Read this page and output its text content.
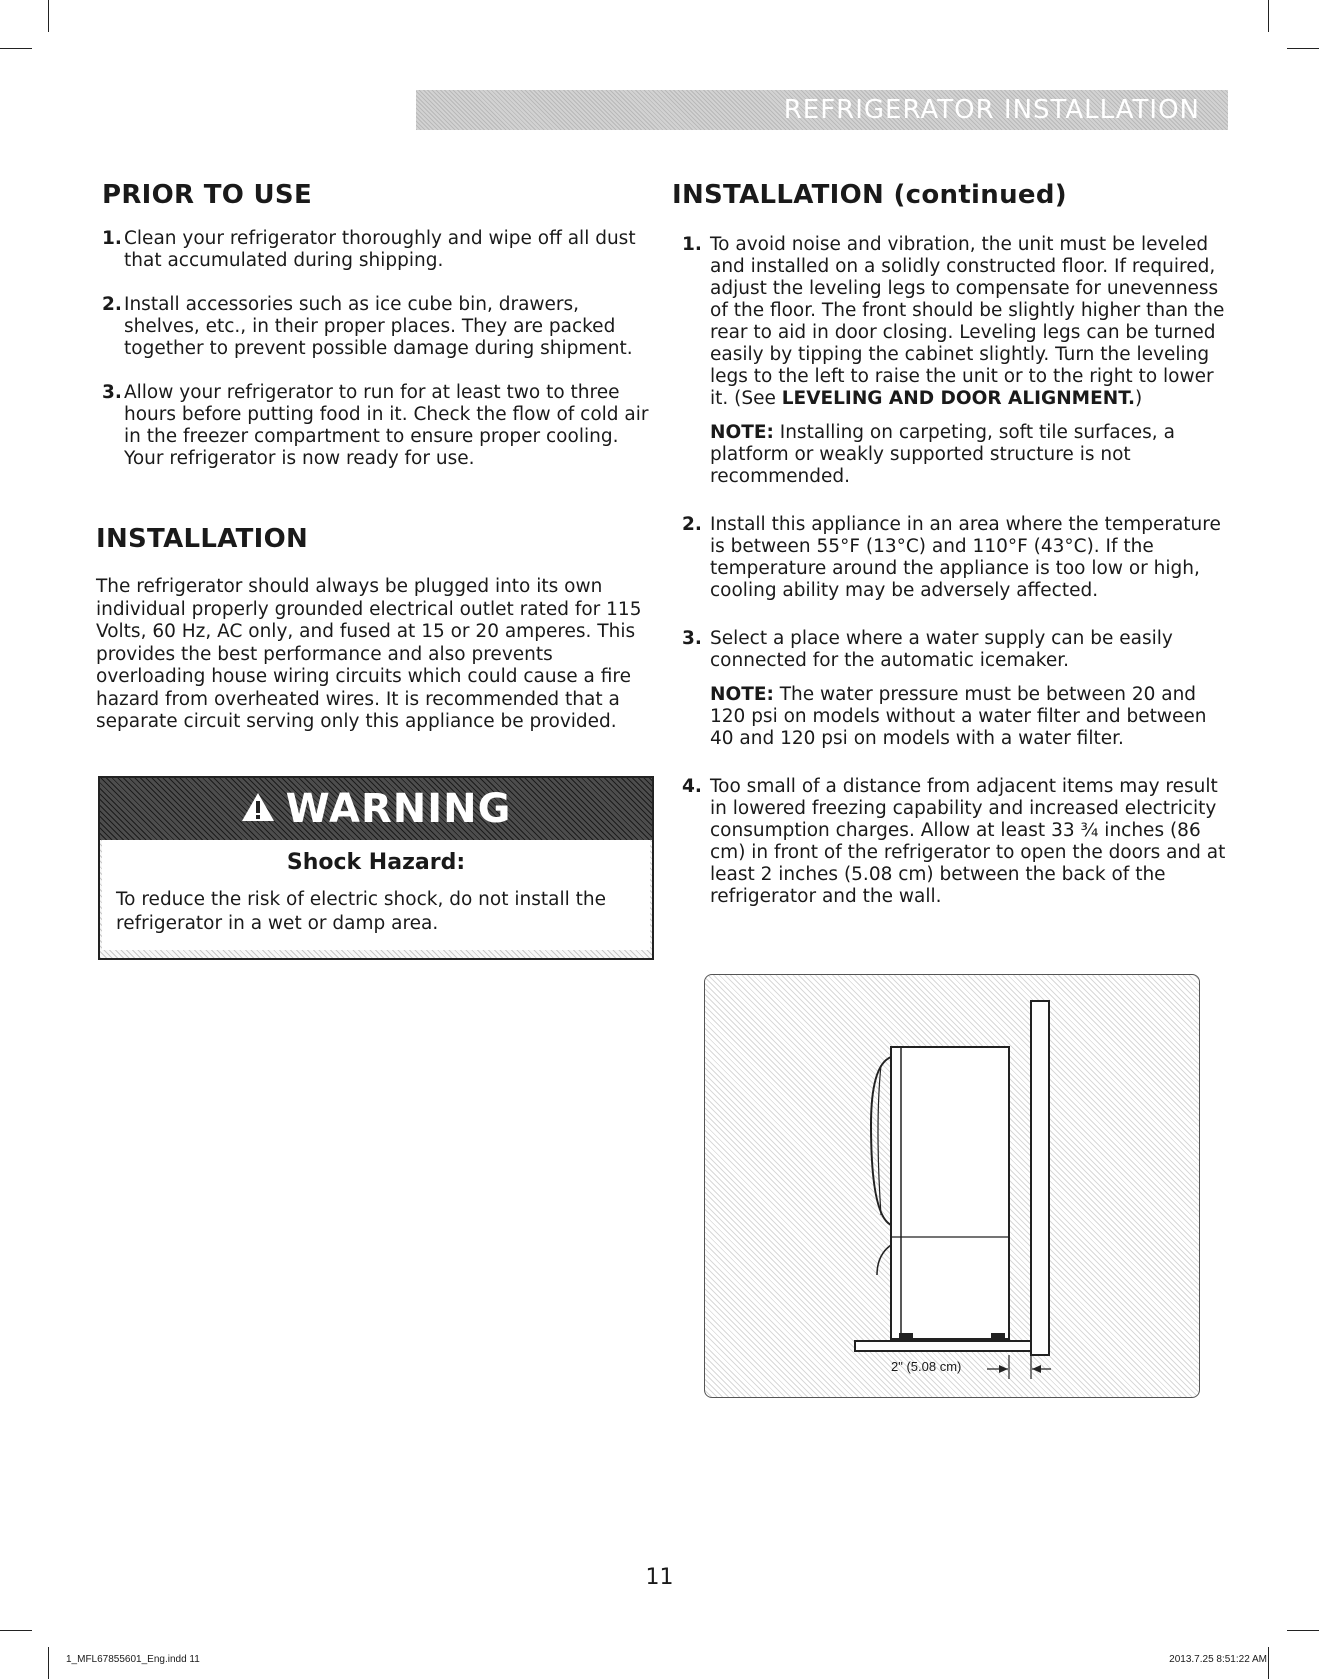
REFRIGERATOR INSTALLATION
PRIOR TO USE
1. Clean your refrigerator thoroughly and wipe off all dust that accumulated during shipping.
2. Install accessories such as ice cube bin, drawers, shelves, etc., in their proper places. They are packed together to prevent possible damage during shipment.
3. Allow your refrigerator to run for at least two to three hours before putting food in it. Check the flow of cold air in the freezer compartment to ensure proper cooling. Your refrigerator is now ready for use.
INSTALLATION

The refrigerator should always be plugged into its own individual properly grounded electrical outlet rated for 115 Volts, 60 Hz, AC only, and fused at 15 or 20 amperes. This provides the best performance and also prevents overloading house wiring circuits which could cause a fire hazard from overheated wires. It is recommended that a separate circuit serving only this appliance be provided.

WARNING
Shock Hazard:
To reduce the risk of electric shock, do not install the refrigerator in a wet or damp area.
INSTALLATION (continued)
1. To avoid noise and vibration, the unit must be leveled and installed on a solidly constructed floor. If required, adjust the leveling legs to compensate for unevenness of the floor. The front should be slightly higher than the rear to aid in door closing. Leveling legs can be turned easily by tipping the cabinet slightly. Turn the leveling legs to the left to raise the unit or to the right to lower it. (See LEVELING AND DOOR ALIGNMENT.)
NOTE: Installing on carpeting, soft tile surfaces, a platform or weakly supported structure is not recommended.
2. Install this appliance in an area where the temperature is between 55°F (13°C) and 110°F (43°C). If the temperature around the appliance is too low or high, cooling ability may be adversely affected.
3. Select a place where a water supply can be easily connected for the automatic icemaker.
NOTE: The water pressure must be between 20 and 120 psi on models without a water filter and between 40 and 120 psi on models with a water filter.
4. Too small of a distance from adjacent items may result in lowered freezing capability and increased electricity consumption charges. Allow at least 33 ¾ inches (86 cm) in front of the refrigerator to open the doors and at least 2 inches (5.08 cm) between the back of the refrigerator and the wall.
2" (5.08 cm)
11
1_MFL67855601_Eng.indd 11	2013.7.25 8:51:22 AM
